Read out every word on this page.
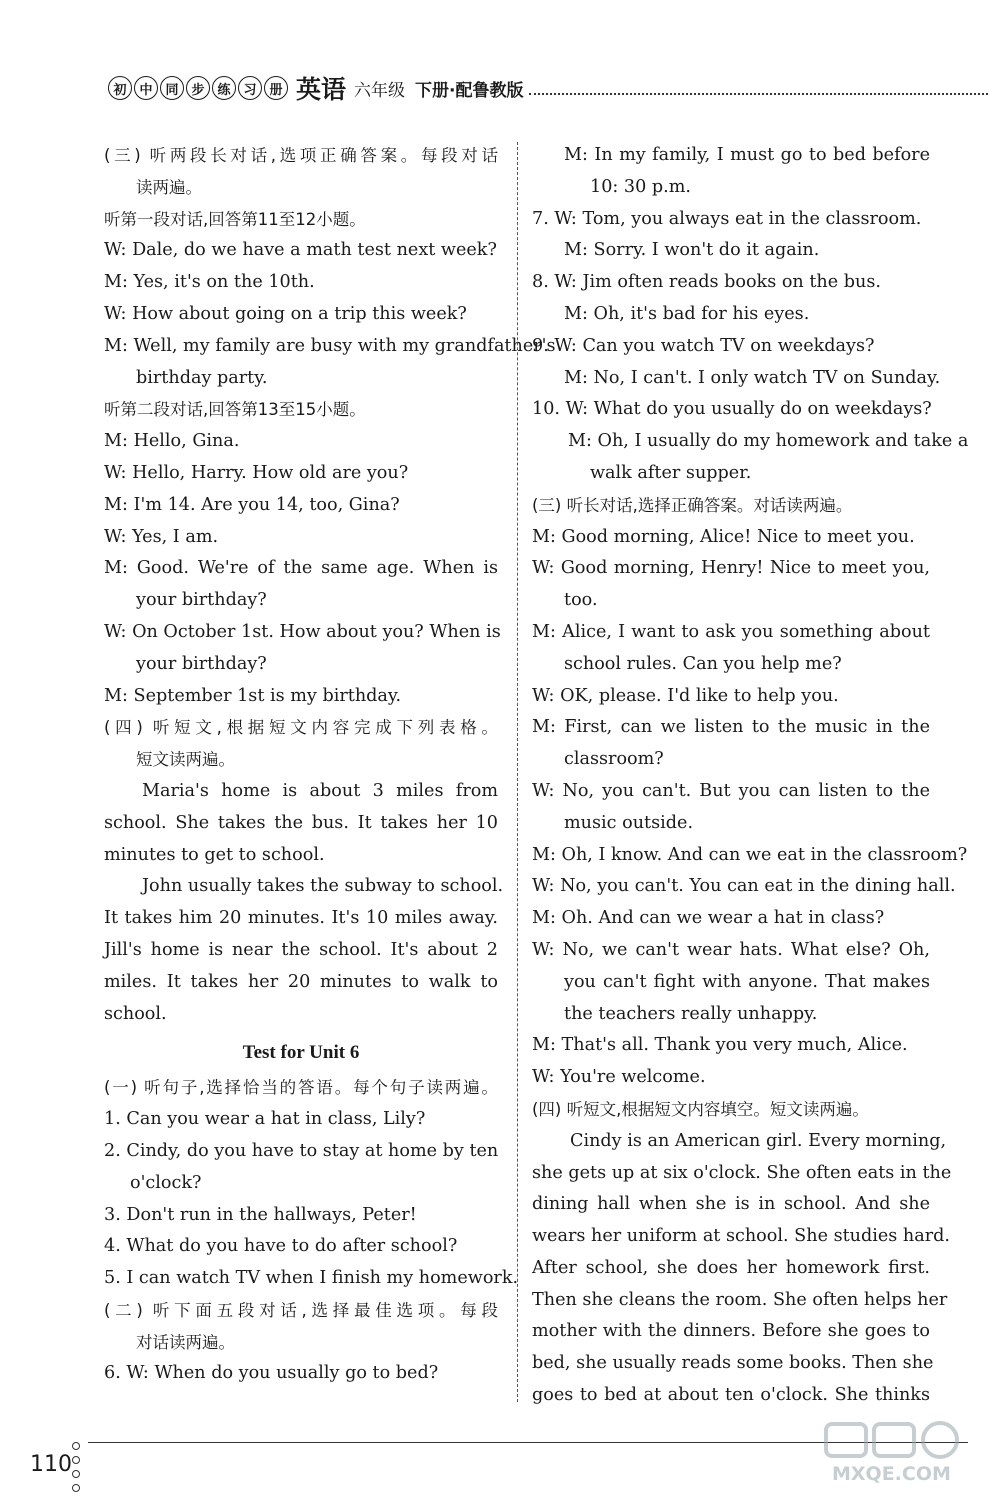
初 中 同 步 练 习 册 英语 六年级 下册·配鲁教版
(三) 听两段长对话,选项正确答案。每段对话
读两遍。
听第一段对话,回答第11至12小题。
W: Dale, do we have a math test next week?
M: Yes, it's on the 10th.
W: How about going on a trip this week?
M: Well, my family are busy with my grandfather's
birthday party.
听第二段对话,回答第13至15小题。
M: Hello, Gina.
W: Hello, Harry. How old are you?
M: I'm 14. Are you 14, too, Gina?
W: Yes, I am.
M: Good. We're of the same age. When is
your birthday?
W: On October 1st. How about you? When is
your birthday?
M: September 1st is my birthday.
(四) 听短文,根据短文内容完成下列表格。
短文读两遍。
Maria's home is about 3 miles from
school. She takes the bus. It takes her 10
minutes to get to school.
John usually takes the subway to school.
It takes him 20 minutes. It's 10 miles away.
Jill's home is near the school. It's about 2
miles. It takes her 20 minutes to walk to
school.
Test for Unit 6
(一) 听句子,选择恰当的答语。每个句子读两遍。
1. Can you wear a hat in class, Lily?
2. Cindy, do you have to stay at home by ten
o'clock?
3. Don't run in the hallways, Peter!
4. What do you have to do after school?
5. I can watch TV when I finish my homework.
(二) 听下面五段对话,选择最佳选项。每段
对话读两遍。
6. W: When do you usually go to bed?
M: In my family, I must go to bed before
10: 30 p.m.
7. W: Tom, you always eat in the classroom.
M: Sorry. I won't do it again.
8. W: Jim often reads books on the bus.
M: Oh, it's bad for his eyes.
9. W: Can you watch TV on weekdays?
M: No, I can't. I only watch TV on Sunday.
10. W: What do you usually do on weekdays?
M: Oh, I usually do my homework and take a
walk after supper.
(三) 听长对话,选择正确答案。对话读两遍。
M: Good morning, Alice! Nice to meet you.
W: Good morning, Henry! Nice to meet you,
too.
M: Alice, I want to ask you something about
school rules. Can you help me?
W: OK, please. I'd like to help you.
M: First, can we listen to the music in the
classroom?
W: No, you can't. But you can listen to the
music outside.
M: Oh, I know. And can we eat in the classroom?
W: No, you can't. You can eat in the dining hall.
M: Oh. And can we wear a hat in class?
W: No, we can't wear hats. What else? Oh,
you can't fight with anyone. That makes
the teachers really unhappy.
M: That's all. Thank you very much, Alice.
W: You're welcome.
(四) 听短文,根据短文内容填空。短文读两遍。
Cindy is an American girl. Every morning,
she gets up at six o'clock. She often eats in the
dining hall when she is in school. And she
wears her uniform at school. She studies hard.
After school, she does her homework first.
Then she cleans the room. She often helps her
mother with the dinners. Before she goes to
bed, she usually reads some books. Then she
goes to bed at about ten o'clock. She thinks
110	MXQE.COM
